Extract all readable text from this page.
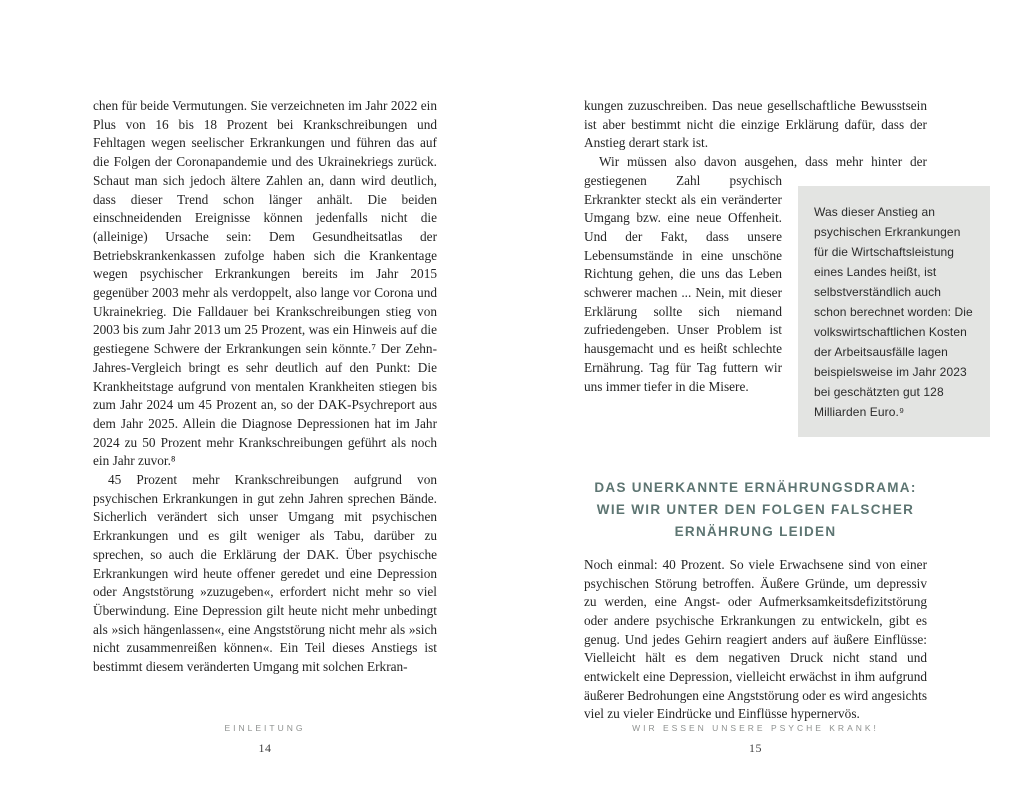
chen für beide Vermutungen. Sie verzeichneten im Jahr 2022 ein Plus von 16 bis 18 Prozent bei Krankschreibungen und Fehltagen wegen seelischer Erkrankungen und führen das auf die Folgen der Coronapandemie und des Ukrainekriegs zurück. Schaut man sich jedoch ältere Zahlen an, dann wird deutlich, dass dieser Trend schon länger anhält. Die beiden einschneidenden Ereignisse können jedenfalls nicht die (alleinige) Ursache sein: Dem Gesundheitsatlas der Betriebskrankenkassen zufolge haben sich die Krankentage wegen psychischer Erkrankungen bereits im Jahr 2015 gegenüber 2003 mehr als verdoppelt, also lange vor Corona und Ukrainekrieg. Die Falldauer bei Krankschreibungen stieg von 2003 bis zum Jahr 2013 um 25 Prozent, was ein Hinweis auf die gestiegene Schwere der Erkrankungen sein könnte.⁷ Der Zehn-Jahres-Vergleich bringt es sehr deutlich auf den Punkt: Die Krankheitstage aufgrund von mentalen Krankheiten stiegen bis zum Jahr 2024 um 45 Prozent an, so der DAK-Psychreport aus dem Jahr 2025. Allein die Diagnose Depressionen hat im Jahr 2024 zu 50 Prozent mehr Krankschreibungen geführt als noch ein Jahr zuvor.⁸

45 Prozent mehr Krankschreibungen aufgrund von psychischen Erkrankungen in gut zehn Jahren sprechen Bände. Sicherlich verändert sich unser Umgang mit psychischen Erkrankungen und es gilt weniger als Tabu, darüber zu sprechen, so auch die Erklärung der DAK. Über psychische Erkrankungen wird heute offener geredet und eine Depression oder Angststörung »zuzugeben«, erfordert nicht mehr so viel Überwindung. Eine Depression gilt heute nicht mehr unbedingt als »sich hängenlassen«, eine Angststörung nicht mehr als »sich nicht zusammenreißen können«. Ein Teil dieses Anstiegs ist bestimmt diesem veränderten Umgang mit solchen Erkran-

kungen zuzuschreiben. Das neue gesellschaftliche Bewusstsein ist aber bestimmt nicht die einzige Erklärung dafür, dass der Anstieg derart stark ist.

Wir müssen also davon ausgehen, dass mehr hinter der
Was dieser Anstieg an psychischen Erkrankungen für die Wirtschaftsleistung eines Landes heißt, ist selbstverständlich auch schon berechnet worden: Die volkswirtschaftlichen Kosten der Arbeitsausfälle lagen beispielsweise im Jahr 2023 bei geschätzten gut 128 Milliarden Euro.⁹
gestiegenen Zahl psychisch Erkrankter steckt als ein veränderter Umgang bzw. eine neue Offenheit. Und der Fakt, dass unsere Lebensumstände in eine unschöne Richtung gehen, die uns das Leben schwerer machen ... Nein, mit dieser Erklärung sollte sich niemand zufriedengeben. Unser Problem ist hausgemacht und es heißt schlechte Ernährung. Tag für Tag futtern wir uns immer tiefer in die Misere.

DAS UNERKANNTE ERNÄHRUNGSDRAMA:
WIE WIR UNTER DEN FOLGEN FALSCHER
ERNÄHRUNG LEIDEN

Noch einmal: 40 Prozent. So viele Erwachsene sind von einer psychischen Störung betroffen. Äußere Gründe, um depressiv zu werden, eine Angst- oder Aufmerksamkeitsdefizitstörung oder andere psychische Erkrankungen zu entwickeln, gibt es genug. Und jedes Gehirn reagiert anders auf äußere Einflüsse: Vielleicht hält es dem negativen Druck nicht stand und entwickelt eine Depression, vielleicht erwächst in ihm aufgrund äußerer Bedrohungen eine Angststörung oder es wird angesichts viel zu vieler Eindrücke und Einflüsse hypernervös.

EINLEITUNG
14
WIR ESSEN UNSERE PSYCHE KRANK!
15
